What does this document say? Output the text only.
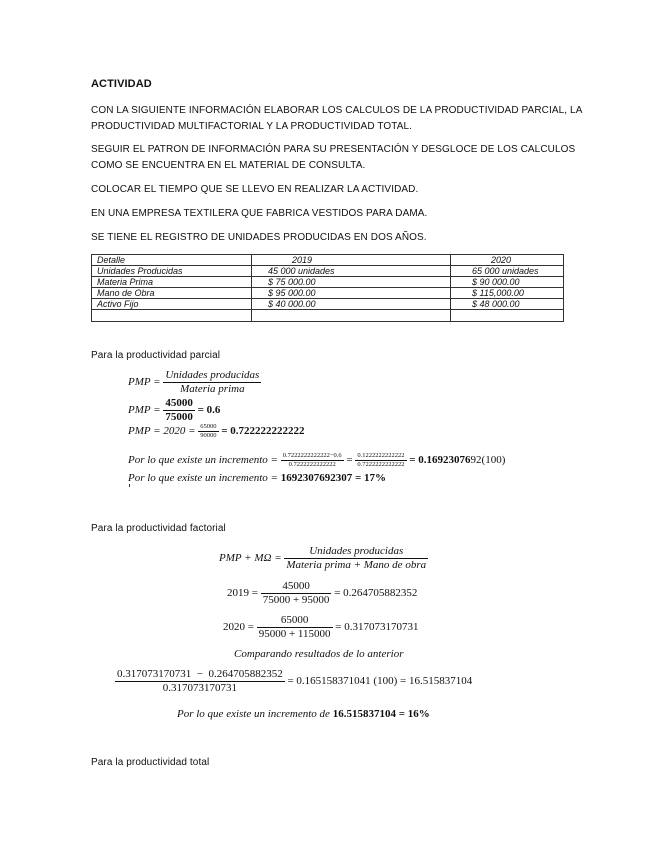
ACTIVIDAD
CON LA SIGUIENTE INFORMACIÓN ELABORAR LOS CALCULOS DE LA PRODUCTIVIDAD PARCIAL, LA
PRODUCTIVIDAD MULTIFACTORIAL Y LA PRODUCTIVIDAD TOTAL.
SEGUIR EL PATRON DE INFORMACIÓN PARA SU PRESENTACIÓN Y DESGLOCE DE LOS CALCULOS
COMO SE ENCUENTRA EN EL MATERIAL DE CONSULTA.
COLOCAR EL TIEMPO QUE SE LLEVO EN REALIZAR LA ACTIVIDAD.
EN UNA EMPRESA TEXTILERA QUE FABRICA VESTIDOS PARA DAMA.
SE TIENE EL REGISTRO DE UNIDADES PRODUCIDAS EN DOS AÑOS.
Detalle	2019	2020
Unidades Producidas	45 000 unidades	65 000 unidades
Materia Prima	$ 75 000.00	$ 90 000.00
Mano de Obra	$ 95 000.00	$ 115,000.00
Activo Fijo	$ 40 000.00	$ 48 000.00

Para la productividad parcial
PMP = $\frac{\text{Unidades producidas}}{\text{Materia prima}}$
PMP = $\frac{45000}{75000} = 0.6$
PMP = $2020 = \frac{65000}{90000} = 0.722222222222$
Por lo que existe un incremento = $\frac{0.7222222222222-0.6}{0.7222222222222} = \frac{0.1222222222222}{0.7222222222222} = 0.1692307692(100)$
Por lo que existe un incremento = 1692307692307 = 17%
Para la productividad factorial
PMP + $M\Omega = \frac{\text{Unidades producidas}}{\text{Materia prima + Mano de obra}}$
$2019 = \frac{45000}{75000 + 95000} = 0.264705882352$
$2020 = \frac{65000}{95000 + 115000} = 0.317073170731$
Comparando resultados de lo anterior
$\frac{0.317073170731 - 0.264705882352}{0.317073170731} = 0.165158371041$ (100) = 16.515837104
Por lo que existe un incremento de 16.515837104 = 16%
Para la productividad total
